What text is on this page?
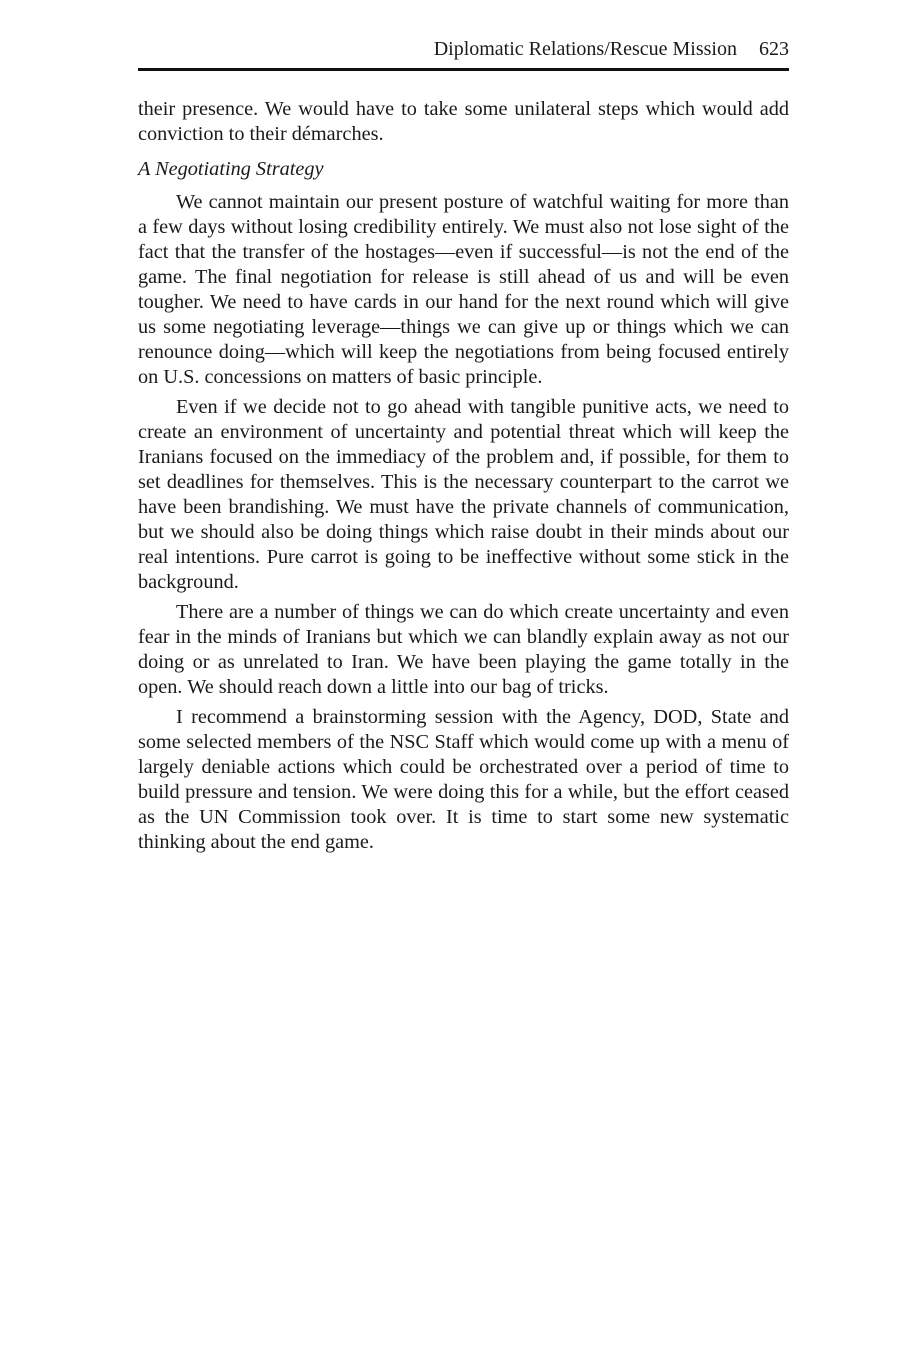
Diplomatic Relations/Rescue Mission 623

their presence. We would have to take some unilateral steps which would add conviction to their démarches.

A Negotiating Strategy

We cannot maintain our present posture of watchful waiting for more than a few days without losing credibility entirely. We must also not lose sight of the fact that the transfer of the hostages—even if successful—is not the end of the game. The final negotiation for release is still ahead of us and will be even tougher. We need to have cards in our hand for the next round which will give us some negotiating leverage—things we can give up or things which we can renounce doing—which will keep the negotiations from being focused entirely on U.S. concessions on matters of basic principle.

Even if we decide not to go ahead with tangible punitive acts, we need to create an environment of uncertainty and potential threat which will keep the Iranians focused on the immediacy of the problem and, if possible, for them to set deadlines for themselves. This is the necessary counterpart to the carrot we have been brandishing. We must have the private channels of communication, but we should also be doing things which raise doubt in their minds about our real intentions. Pure carrot is going to be ineffective without some stick in the background.

There are a number of things we can do which create uncertainty and even fear in the minds of Iranians but which we can blandly explain away as not our doing or as unrelated to Iran. We have been playing the game totally in the open. We should reach down a little into our bag of tricks.

I recommend a brainstorming session with the Agency, DOD, State and some selected members of the NSC Staff which would come up with a menu of largely deniable actions which could be orchestrated over a period of time to build pressure and tension. We were doing this for a while, but the effort ceased as the UN Commission took over. It is time to start some new systematic thinking about the end game.
